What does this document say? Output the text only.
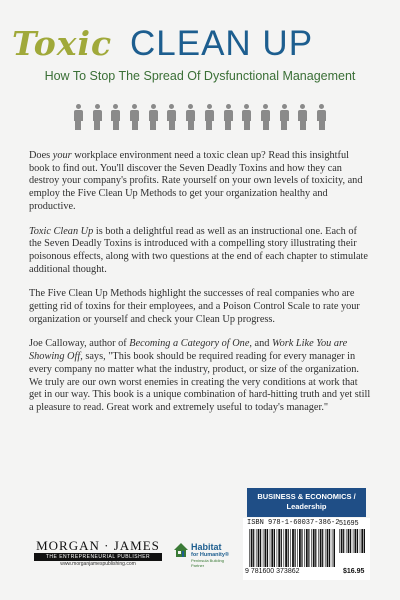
Toxic CLEAN UP
How To Stop The Spread Of Dysfunctional Management

Does your workplace environment need a toxic clean up? Read this insightful book to find out. You'll discover the Seven Deadly Toxins and how they can destroy your company's profits. Rate yourself on your own levels of toxicity, and employ the Five Clean Up Methods to get your organization healthy and productive.

Toxic Clean Up is both a delightful read as well as an instructional one. Each of the Seven Deadly Toxins is introduced with a compelling story illustrating their poisonous effects, along with two questions at the end of each chapter to stimulate additional thought.

The Five Clean Up Methods highlight the successes of real companies who are getting rid of toxins for their employees, and a Poison Control Scale to rate your organization or yourself and check your Clean Up progress.

Joe Calloway, author of Becoming a Category of One, and Work Like You are Showing Off, says, "This book should be required reading for every manager in every company no matter what the industry, product, or size of the organization. We truly are our own worst enemies in creating the very conditions at work that get in our way. This book is a unique combination of hard-hitting truth and yet still a pleasure to read. Great work and extremely useful to today's manager."

BUSINESS & ECONOMICS /
Leadership
ISBN 978-1-60037-386-2 51695
9 781600 373862	$16.95
MORGAN · JAMES
THE ENTREPRENEURIAL PUBLISHER
www.morganjamespublishing.com
Habitat
for Humanity®
Peninsula Building Partner
